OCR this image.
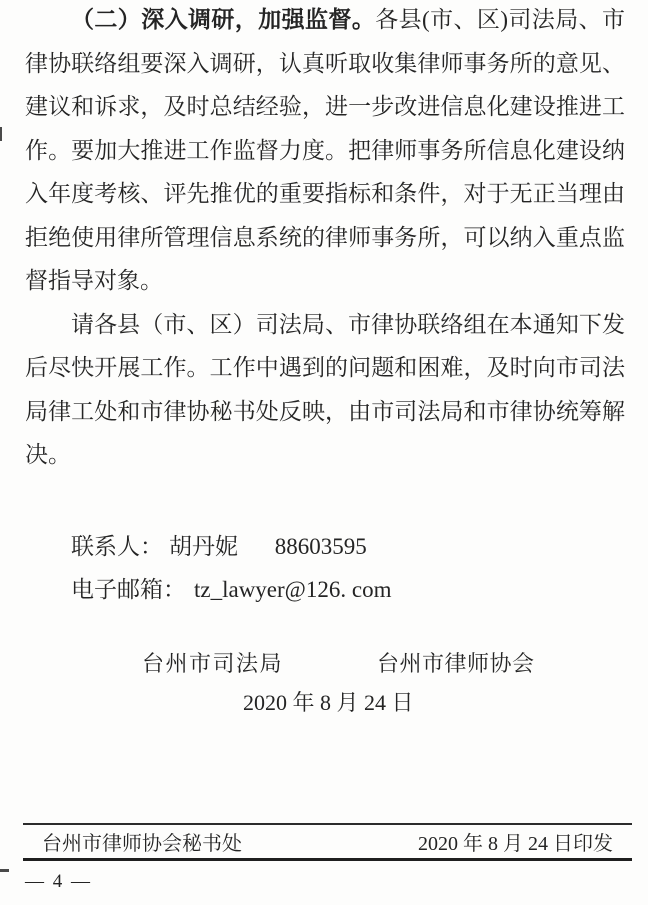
（二）深入调研，加强监督。各县(市、区)司法局、市律协联络组要深入调研，认真听取收集律师事务所的意见、建议和诉求，及时总结经验，进一步改进信息化建设推进工作。要加大推进工作监督力度。把律师事务所信息化建设纳入年度考核、评先推优的重要指标和条件，对于无正当理由拒绝使用律所管理信息系统的律师事务所，可以纳入重点监督指导对象。

请各县（市、区）司法局、市律协联络组在本通知下发后尽快开展工作。工作中遇到的问题和困难，及时向市司法局律工处和市律协秘书处反映，由市司法局和市律协统筹解决。

联系人： 胡丹妮 88603595

电子邮箱： tz_lawyer@126. com

台州市司法局	台州市律师协会
2020 年 8 月 24 日
台州市律师协会秘书处	2020 年 8 月 24 日印发
— 4 —
